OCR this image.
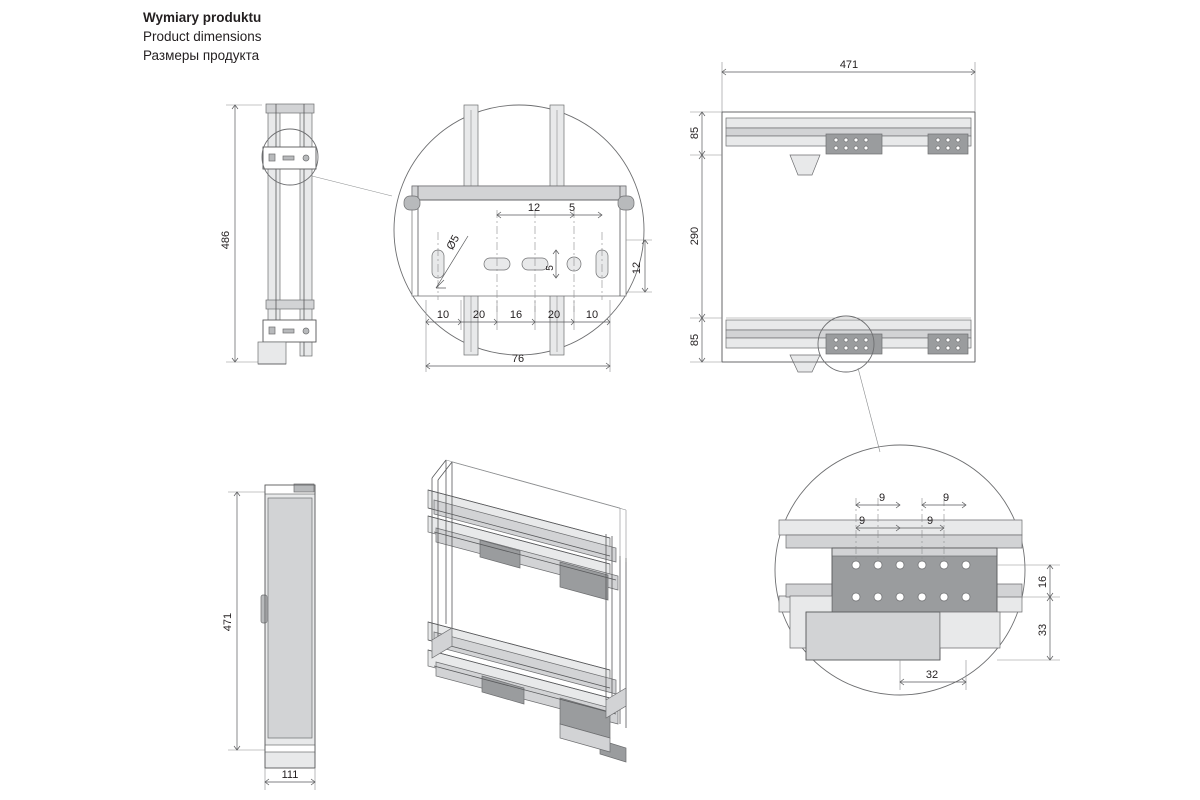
Wymiary produktu
Product dimensions
Размеры продукта
486	Ø5
12	5
5	12
10 20 16 20 10
76
471
85
290
85
471
111
9	9
9	9
16
33
32
